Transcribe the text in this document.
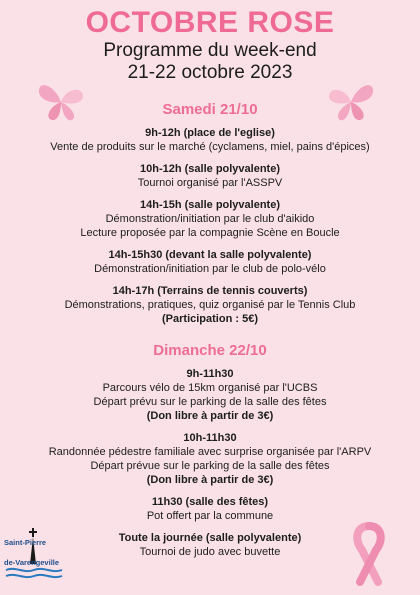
OCTOBRE ROSE
Programme du week-end
21-22 octobre 2023
Samedi 21/10
9h-12h (place de l'eglise)
Vente de produits sur le marché (cyclamens, miel, pains d'épices)
10h-12h (salle polyvalente)
Tournoi organisé par l'ASSPV
14h-15h (salle polyvalente)
Démonstration/initiation par le club d'aikido
Lecture proposée par la compagnie Scène en Boucle
14h-15h30 (devant la salle polyvalente)
Démonstration/initiation par le club de polo-vélo
14h-17h (Terrains de tennis couverts)
Démonstrations, pratiques, quiz organisé par le Tennis Club
(Participation : 5€)
Dimanche 22/10
9h-11h30
Parcours vélo de 15km organisé par l'UCBS
Départ prévu sur le parking de la salle des fêtes
(Don libre à partir de 3€)
10h-11h30
Randonnée pédestre familiale avec surprise organisée par l'ARPV
Départ prévue sur le parking de la salle des fêtes
(Don libre à partir de 3€)
11h30 (salle des fêtes)
Pot offert par la commune
Toute la journée (salle polyvalente)
Tournoi de judo avec buvette
Saint-Pierre
de-Varengeville
